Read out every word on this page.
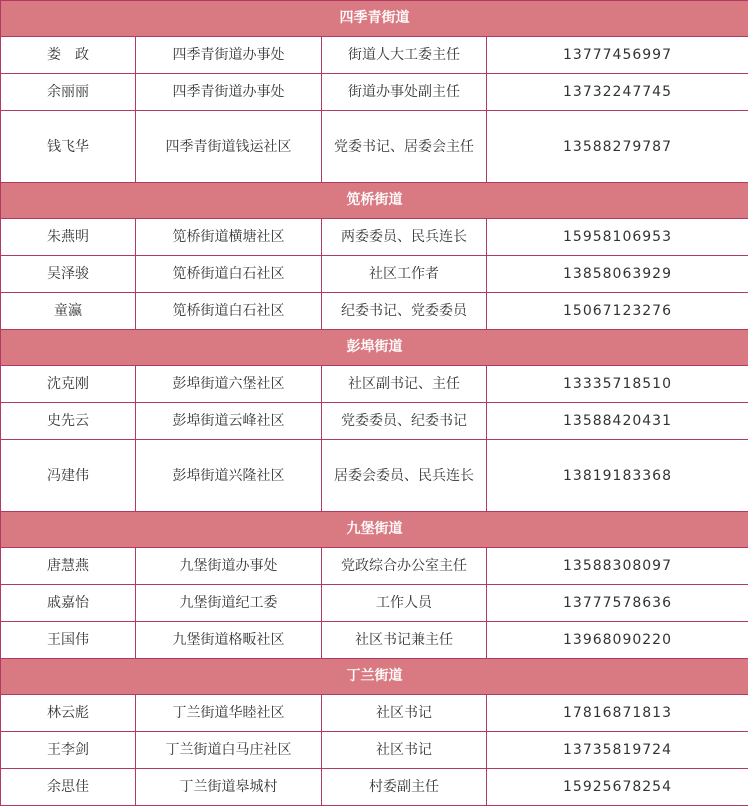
四季青街道			
娄　政	四季青街道办事处	街道人大工委主任	13777456997
余丽丽	四季青街道办事处	街道办事处副主任	13732247745
钱飞华	四季青街道钱运社区	党委书记、居委会主任	13588279787
笕桥街道			
朱燕明	笕桥街道横塘社区	两委委员、民兵连长	15958106953
吴泽骏	笕桥街道白石社区	社区工作者	13858063929
童瀛	笕桥街道白石社区	纪委书记、党委委员	15067123276
彭埠街道			
沈克刚	彭埠街道六堡社区	社区副书记、主任	13335718510
史先云	彭埠街道云峰社区	党委委员、纪委书记	13588420431
冯建伟	彭埠街道兴隆社区	居委会委员、民兵连长	13819183368
九堡街道			
唐慧燕	九堡街道办事处	党政综合办公室主任	13588308097
戚嘉怡	九堡街道纪工委	工作人员	13777578636
王国伟	九堡街道格畈社区	社区书记兼主任	13968090220
丁兰街道			
林云彪	丁兰街道华睦社区	社区书记	17816871813
王李剑	丁兰街道白马庄社区	社区书记	13735819724
余思佳	丁兰街道皋城村	村委副主任	15925678254
